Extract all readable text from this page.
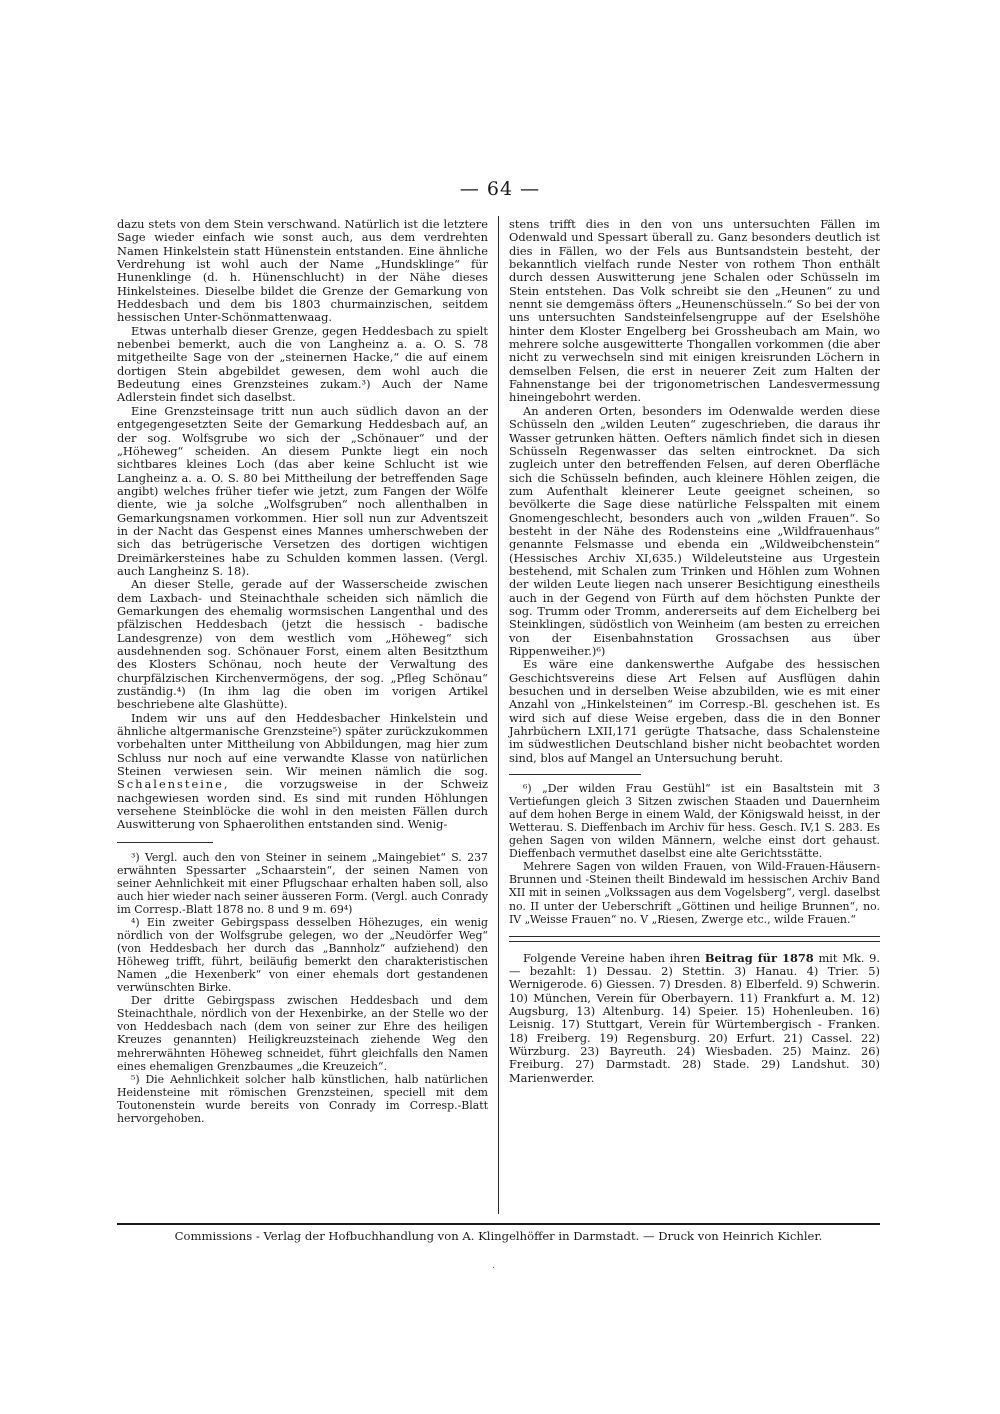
— 64 —

dazu stets von dem Stein verschwand. Natürlich ist die letztere Sage wieder einfach wie sonst auch, aus dem verdrehten Namen Hinkelstein statt Hünenstein entstanden. Eine ähnliche Verdrehung ist wohl auch der Name „Hundsklinge“ für Hunenklinge (d. h. Hünenschlucht) in der Nähe dieses Hinkelsteines. Dieselbe bildet die Grenze der Gemarkung von Heddesbach und dem bis 1803 churmainzischen, seitdem hessischen Unter-Schönmattenwaag.

Etwas unterhalb dieser Grenze, gegen Heddesbach zu spielt nebenbei bemerkt, auch die von Langheinz a. a. O. S. 78 mitgetheilte Sage von der „steinernen Hacke,“ die auf einem dortigen Stein abgebildet gewesen, dem wohl auch die Bedeutung eines Grenzsteines zukam.³) Auch der Name Adlerstein findet sich daselbst.

Eine Grenzsteinsage tritt nun auch südlich davon an der entgegengesetzten Seite der Gemarkung Heddesbach auf, an der sog. Wolfsgrube wo sich der „Schönauer“ und der „Höheweg“ scheiden. An diesem Punkte liegt ein noch sichtbares kleines Loch (das aber keine Schlucht ist wie Langheinz a. a. O. S. 80 bei Mittheilung der betreffenden Sage angibt) welches früher tiefer wie jetzt, zum Fangen der Wölfe diente, wie ja solche „Wolfsgruben“ noch allenthalben in Gemarkungsnamen vorkommen. Hier soll nun zur Adventszeit in der Nacht das Gespenst eines Mannes umherschweben der sich das betrügerische Versetzen des dortigen wichtigen Dreimärkersteines habe zu Schulden kommen lassen. (Vergl. auch Langheinz S. 18).

An dieser Stelle, gerade auf der Wasserscheide zwischen dem Laxbach- und Steinachthale scheiden sich nämlich die Gemarkungen des ehemalig wormsischen Langenthal und des pfälzischen Heddesbach (jetzt die hessisch - badische Landesgrenze) von dem westlich vom „Höheweg“ sich ausdehnenden sog. Schönauer Forst, einem alten Besitzthum des Klosters Schönau, noch heute der Verwaltung des churpfälzischen Kirchenvermögens, der sog. „Pfleg Schönau“ zuständig.⁴) (In ihm lag die oben im vorigen Artikel beschriebene alte Glashütte).

Indem wir uns auf den Heddesbacher Hinkelstein und ähnliche altgermanische Grenzsteine⁵) später zurückzukommen vorbehalten unter Mittheilung von Abbildungen, mag hier zum Schluss nur noch auf eine verwandte Klasse von natürlichen Steinen verwiesen sein. Wir meinen nämlich die sog. Schalensteine, die vorzugsweise in der Schweiz nachgewiesen worden sind. Es sind mit runden Höhlungen versehene Steinblöcke die wohl in den meisten Fällen durch Auswitterung von Sphaerolithen entstanden sind. Wenig-

³) Vergl. auch den von Steiner in seinem „Maingebiet“ S. 237 erwähnten Spessarter „Schaarstein“, der seinen Namen von seiner Aehnlichkeit mit einer Pflugschaar erhalten haben soll, also auch hier wieder nach seiner äusseren Form. (Vergl. auch Conrady im Corresp.-Blatt 1878 no. 8 und 9 m. 69⁴)

⁴) Ein zweiter Gebirgspass desselben Höhezuges, ein wenig nördlich von der Wolfsgrube gelegen, wo der „Neudörfer Weg“ (von Heddesbach her durch das „Bannholz“ aufziehend) den Höheweg trifft, führt, beiläufig bemerkt den charakteristischen Namen „die Hexenberk“ von einer ehemals dort gestandenen verwünschten Birke.

Der dritte Gebirgspass zwischen Heddesbach und dem Steinachthale, nördlich von der Hexenbirke, an der Stelle wo der von Heddesbach nach (dem von seiner zur Ehre des heiligen Kreuzes genannten) Heiligkreuzsteinach ziehende Weg den mehrerwähnten Höheweg schneidet, führt gleichfalls den Namen eines ehemaligen Grenzbaumes „die Kreuzeich“.

⁵) Die Aehnlichkeit solcher halb künstlichen, halb natürlichen Heidensteine mit römischen Grenzsteinen, speciell mit dem Toutonenstein wurde bereits von Conrady im Corresp.-Blatt hervorgehoben.

stens trifft dies in den von uns untersuchten Fällen im Odenwald und Spessart überall zu. Ganz besonders deutlich ist dies in Fällen, wo der Fels aus Buntsandstein besteht, der bekanntlich vielfach runde Nester von rothem Thon enthält durch dessen Auswitterung jene Schalen oder Schüsseln im Stein entstehen. Das Volk schreibt sie den „Heunen“ zu und nennt sie demgemäss öfters „Heunenschüsseln.“ So bei der von uns untersuchten Sandsteinfelsengruppe auf der Eselshöhe hinter dem Kloster Engelberg bei Grossheubach am Main, wo mehrere solche ausgewitterte Thongallen vorkommen (die aber nicht zu verwechseln sind mit einigen kreisrunden Löchern in demselben Felsen, die erst in neuerer Zeit zum Halten der Fahnenstange bei der trigonometrischen Landesvermessung hineingebohrt werden.

An anderen Orten, besonders im Odenwalde werden diese Schüsseln den „wilden Leuten“ zugeschrieben, die daraus ihr Wasser getrunken hätten. Oefters nämlich findet sich in diesen Schüsseln Regenwasser das selten eintrocknet. Da sich zugleich unter den betreffenden Felsen, auf deren Oberfläche sich die Schüsseln befinden, auch kleinere Höhlen zeigen, die zum Aufenthalt kleinerer Leute geeignet scheinen, so bevölkerte die Sage diese natürliche Felsspalten mit einem Gnomengeschlecht, besonders auch von „wilden Frauen“. So besteht in der Nähe des Rodensteins eine „Wildfrauenhaus“ genannte Felsmasse und ebenda ein „Wildweibchenstein“ (Hessisches Archiv XI,635.) Wildeleutsteine aus Urgestein bestehend, mit Schalen zum Trinken und Höhlen zum Wohnen der wilden Leute liegen nach unserer Besichtigung einestheils auch in der Gegend von Fürth auf dem höchsten Punkte der sog. Trumm oder Tromm, andererseits auf dem Eichelberg bei Steinklingen, südöstlich von Weinheim (am besten zu erreichen von der Eisenbahnstation Grossachsen aus über Rippenweiher.)⁶)

Es wäre eine dankenswerthe Aufgabe des hessischen Geschichtsvereins diese Art Felsen auf Ausflügen dahin besuchen und in derselben Weise abzubilden, wie es mit einer Anzahl von „Hinkelsteinen“ im Corresp.-Bl. geschehen ist. Es wird sich auf diese Weise ergeben, dass die in den Bonner Jahrbüchern LXII,171 gerügte Thatsache, dass Schalensteine im südwestlichen Deutschland bisher nicht beobachtet worden sind, blos auf Mangel an Untersuchung beruht.

⁶) „Der wilden Frau Gestühl“ ist ein Basaltstein mit 3 Vertiefungen gleich 3 Sitzen zwischen Staaden und Dauernheim auf dem hohen Berge in einem Wald, der Königswald heisst, in der Wetterau. S. Dieffenbach im Archiv für hess. Gesch. IV,1 S. 283. Es gehen Sagen von wilden Männern, welche einst dort gehaust. Dieffenbach vermuthet daselbst eine alte Gerichtsstätte.

Mehrere Sagen von wilden Frauen, von Wild-Frauen-Häusern-Brunnen und -Steinen theilt Bindewald im hessischen Archiv Band XII mit in seinen „Volkssagen aus dem Vogelsberg“, vergl. daselbst no. II unter der Ueberschrift „Göttinen und heilige Brunnen“, no. IV „Weisse Frauen“ no. V „Riesen, Zwerge etc., wilde Frauen.“

Folgende Vereine haben ihren Beitrag für 1878 mit Mk. 9. — bezahlt: 1) Dessau. 2) Stettin. 3) Hanau. 4) Trier. 5) Wernigerode. 6) Giessen. 7) Dresden. 8) Elberfeld. 9) Schwerin. 10) München, Verein für Oberbayern. 11) Frankfurt a. M. 12) Augsburg, 13) Altenburg. 14) Speier. 15) Hohenleuben. 16) Leisnig. 17) Stuttgart, Verein für Würtembergisch - Franken. 18) Freiberg. 19) Regensburg. 20) Erfurt. 21) Cassel. 22) Würzburg. 23) Bayreuth. 24) Wiesbaden. 25) Mainz. 26) Freiburg. 27) Darmstadt. 28) Stade. 29) Landshut. 30) Marienwerder.

Commissions - Verlag der Hofbuchhandlung von A. Klingelhöffer in Darmstadt. — Druck von Heinrich Kichler.
.
